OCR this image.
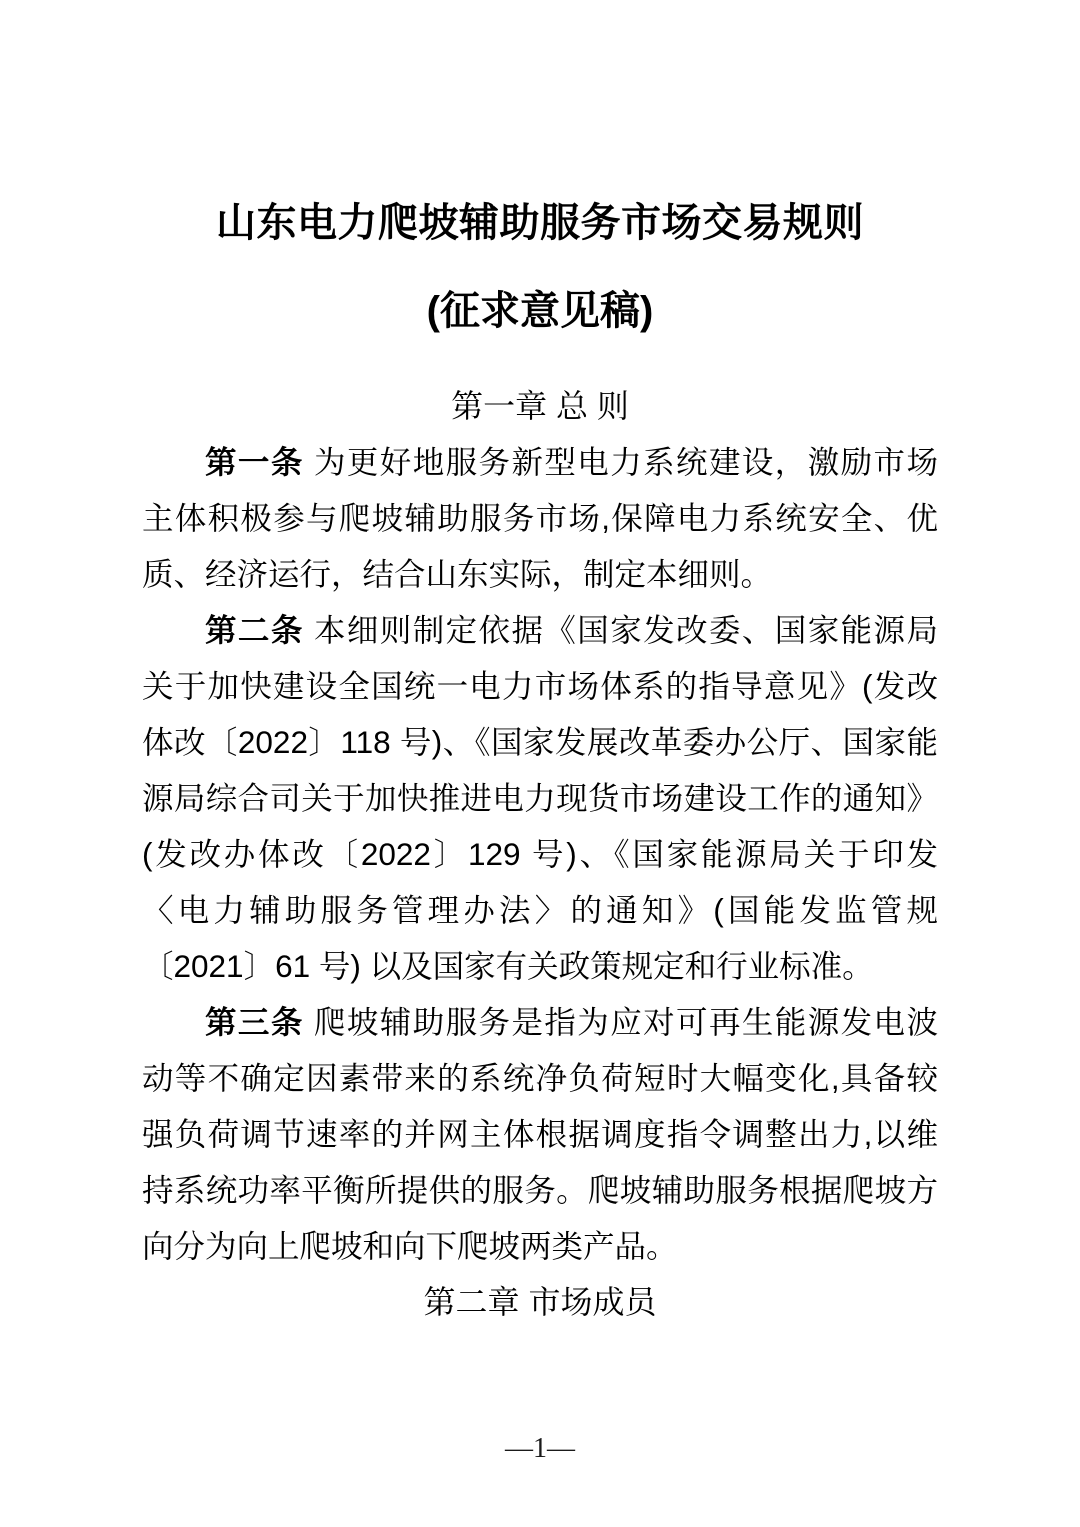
山东电力爬坡辅助服务市场交易规则
(征求意见稿)
第一章 总 则

第一条 为更好地服务新型电力系统建设，激励市场主体积极参与爬坡辅助服务市场,保障电力系统安全、优质、经济运行，结合山东实际，制定本细则。

第二条 本细则制定依据《国家发改委、国家能源局关于加快建设全国统一电力市场体系的指导意见》(发改体改〔2022〕118 号)、《国家发展改革委办公厅、国家能源局综合司关于加快推进电力现货市场建设工作的通知》(发改办体改〔2022〕129 号)、《国家能源局关于印发〈电力辅助服务管理办法〉的通知》(国能发监管规〔2021〕61 号) 以及国家有关政策规定和行业标准。

第三条 爬坡辅助服务是指为应对可再生能源发电波动等不确定因素带来的系统净负荷短时大幅变化,具备较强负荷调节速率的并网主体根据调度指令调整出力,以维持系统功率平衡所提供的服务。爬坡辅助服务根据爬坡方向分为向上爬坡和向下爬坡两类产品。

第二章 市场成员
—1—
